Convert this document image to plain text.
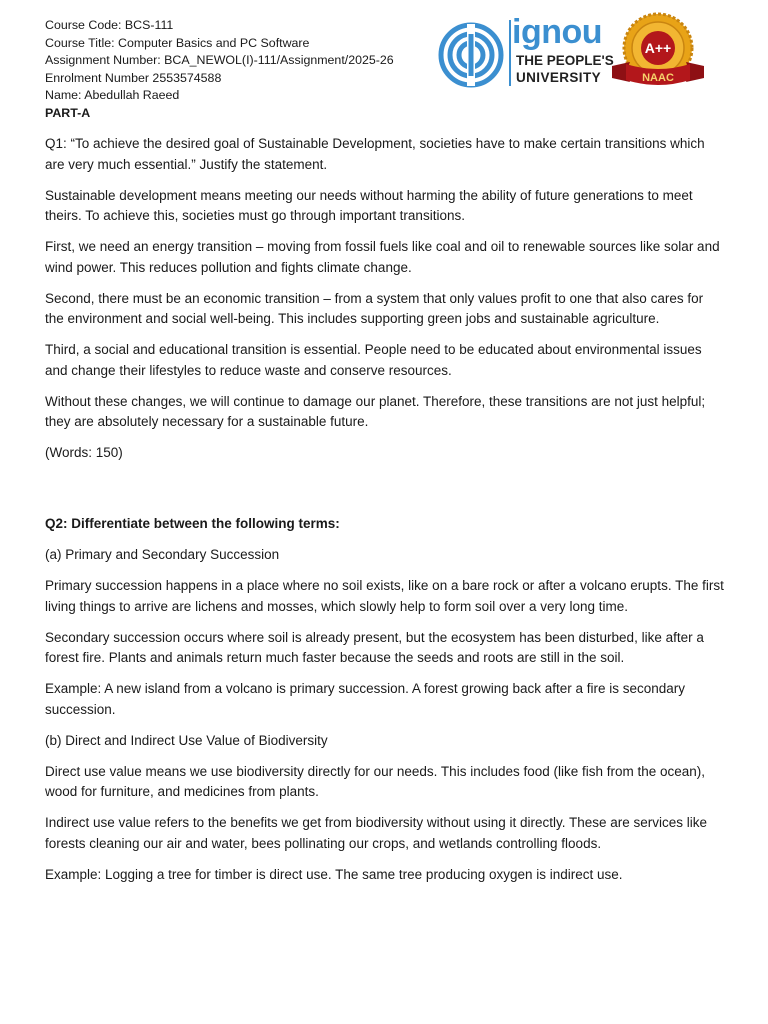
Course Code: BCS-111
Course Title: Computer Basics and PC Software
Assignment Number: BCA_NEWOL(I)-111/Assignment/2025-26
Enrolment Number 2553574588
Name: Abedullah Raeed
PART-A
ignou
THE PEOPLE'S
UNIVERSITY
A++
NAAC

Q1: “To achieve the desired goal of Sustainable Development, societies have to make certain transitions which are very much essential.” Justify the statement.

Sustainable development means meeting our needs without harming the ability of future generations to meet theirs. To achieve this, societies must go through important transitions.

First, we need an energy transition – moving from fossil fuels like coal and oil to renewable sources like solar and wind power. This reduces pollution and fights climate change.

Second, there must be an economic transition – from a system that only values profit to one that also cares for the environment and social well-being. This includes supporting green jobs and sustainable agriculture.

Third, a social and educational transition is essential. People need to be educated about environmental issues and change their lifestyles to reduce waste and conserve resources.

Without these changes, we will continue to damage our planet. Therefore, these transitions are not just helpful; they are absolutely necessary for a sustainable future.

(Words: 150)

Q2: Differentiate between the following terms:

(a) Primary and Secondary Succession

Primary succession happens in a place where no soil exists, like on a bare rock or after a volcano erupts. The first living things to arrive are lichens and mosses, which slowly help to form soil over a very long time.

Secondary succession occurs where soil is already present, but the ecosystem has been disturbed, like after a forest fire. Plants and animals return much faster because the seeds and roots are still in the soil.

Example: A new island from a volcano is primary succession. A forest growing back after a fire is secondary succession.

(b) Direct and Indirect Use Value of Biodiversity

Direct use value means we use biodiversity directly for our needs. This includes food (like fish from the ocean), wood for furniture, and medicines from plants.

Indirect use value refers to the benefits we get from biodiversity without using it directly. These are services like forests cleaning our air and water, bees pollinating our crops, and wetlands controlling floods.

Example: Logging a tree for timber is direct use. The same tree producing oxygen is indirect use.
